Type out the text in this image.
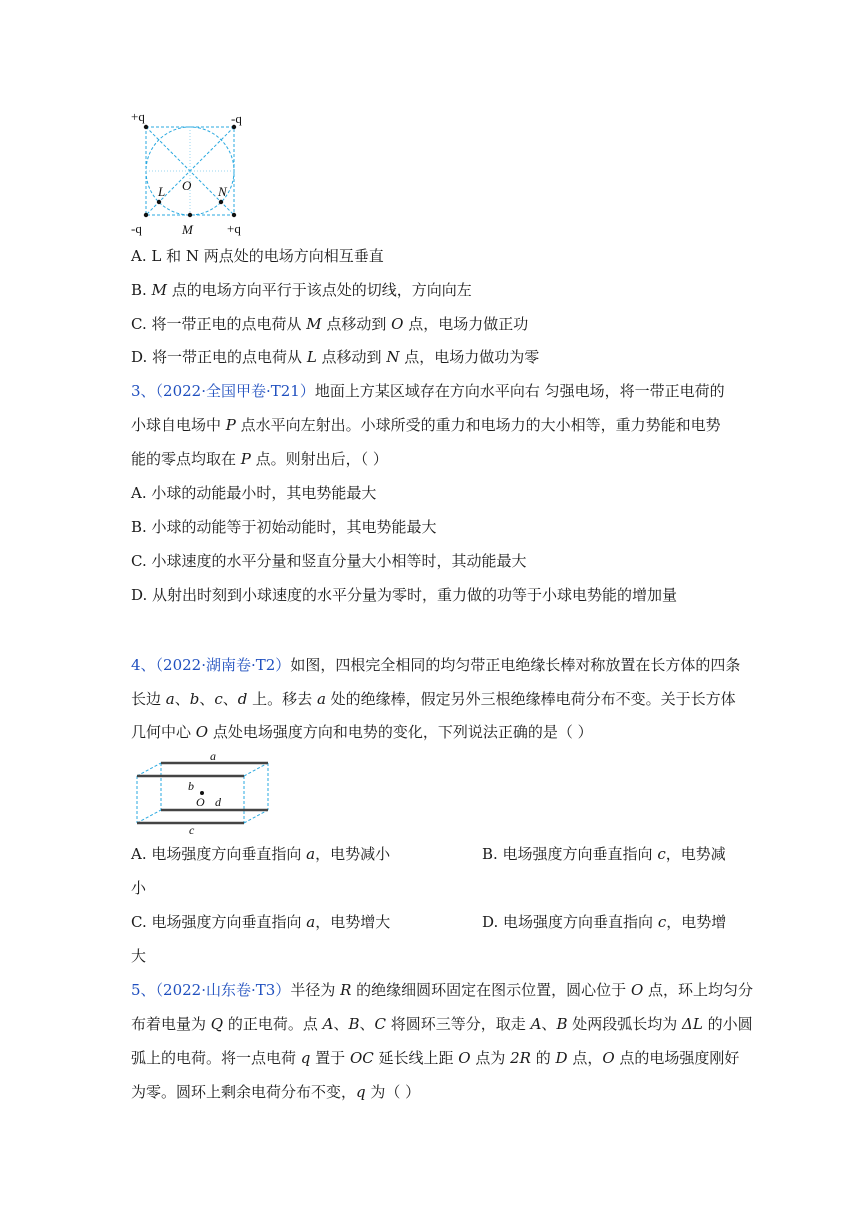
+q	-q
-q	+q
O
L	N
M
A. L 和 N 两点处的电场方向相互垂直
B. M 点的电场方向平行于该点处的切线，方向向左
C. 将一带正电的点电荷从 M 点移动到 O 点，电场力做正功
D. 将一带正电的点电荷从 L 点移动到 N 点，电场力做功为零
3、（2022·全国甲卷·T21）地面上方某区域存在方向水平向右 匀强电场，将一带正电荷的
小球自电场中 P 点水平向左射出。小球所受的重力和电场力的大小相等，重力势能和电势
能的零点均取在 P 点。则射出后，（ ）
A. 小球的动能最小时，其电势能最大
B. 小球的动能等于初始动能时，其电势能最大
C. 小球速度的水平分量和竖直分量大小相等时，其动能最大
D. 从射出时刻到小球速度的水平分量为零时，重力做的功等于小球电势能的增加量
4、（2022·湖南卷·T2）如图，四根完全相同的均匀带正电绝缘长棒对称放置在长方体的四条
长边 a、b、c、d 上。移去 a 处的绝缘棒，假定另外三根绝缘棒电荷分布不变。关于长方体
几何中心 O 点处电场强度方向和电势的变化，下列说法正确的是（ ）
a
b
O d
c
A. 电场强度方向垂直指向 a，电势减小	B. 电场强度方向垂直指向 c，电势减
小
C. 电场强度方向垂直指向 a，电势增大	D. 电场强度方向垂直指向 c，电势增
大
5、（2022·山东卷·T3）半径为 R 的绝缘细圆环固定在图示位置，圆心位于 O 点，环上均匀分
布着电量为 Q 的正电荷。点 A、B、C 将圆环三等分，取走 A、B 处两段弧长均为 ΔL 的小圆
弧上的电荷。将一点电荷 q 置于 OC 延长线上距 O 点为 2R 的 D 点，O 点的电场强度刚好
为零。圆环上剩余电荷分布不变，q 为（ ）
